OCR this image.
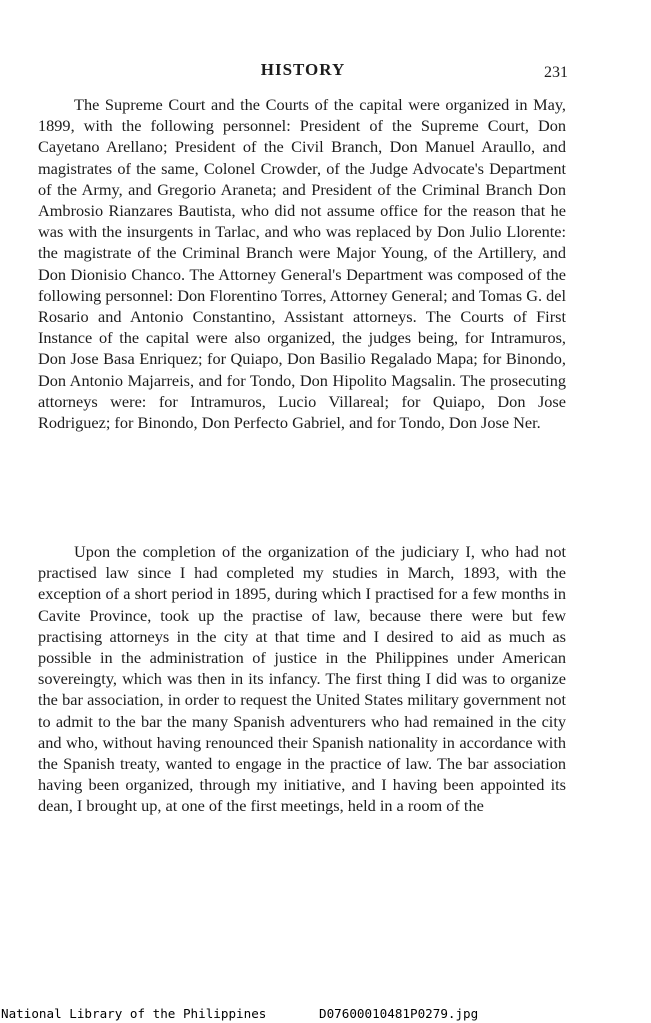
HISTORY	231

The Supreme Court and the Courts of the capital were organized in May, 1899, with the following personnel: President of the Supreme Court, Don Cayetano Arellano; President of the Civil Branch, Don Manuel Araullo, and magistrates of the same, Colonel Crowder, of the Judge Advocate's Department of the Army, and Gregorio Araneta; and President of the Criminal Branch Don Ambrosio Rianzares Bautista, who did not assume office for the reason that he was with the insurgents in Tarlac, and who was replaced by Don Julio Llorente: the magistrate of the Criminal Branch were Major Young, of the Artillery, and Don Dionisio Chanco. The Attorney General's Department was composed of the following personnel: Don Florentino Torres, Attorney General; and Tomas G. del Rosario and Antonio Constantino, Assistant attorneys. The Courts of First Instance of the capital were also organized, the judges being, for Intramuros, Don Jose Basa Enriquez; for Quiapo, Don Basilio Regalado Mapa; for Binondo, Don Antonio Majarreis, and for Tondo, Don Hipolito Magsalin. The prosecuting attorneys were: for Intramuros, Lucio Villareal; for Quiapo, Don Jose Rodriguez; for Binondo, Don Perfecto Gabriel, and for Tondo, Don Jose Ner.

Upon the completion of the organization of the judiciary I, who had not practised law since I had completed my studies in March, 1893, with the exception of a short period in 1895, during which I practised for a few months in Cavite Province, took up the practise of law, because there were but few practising attorneys in the city at that time and I desired to aid as much as possible in the administration of justice in the Philippines under American sovereingty, which was then in its infancy. The first thing I did was to organize the bar association, in order to request the United States military government not to admit to the bar the many Spanish adventurers who had remained in the city and who, without having renounced their Spanish nationality in accordance with the Spanish treaty, wanted to engage in the practice of law. The bar association having been organized, through my initiative, and I having been appointed its dean, I brought up, at one of the first meetings, held in a room of the

National Library of the Philippines	D07600010481P0279.jpg
